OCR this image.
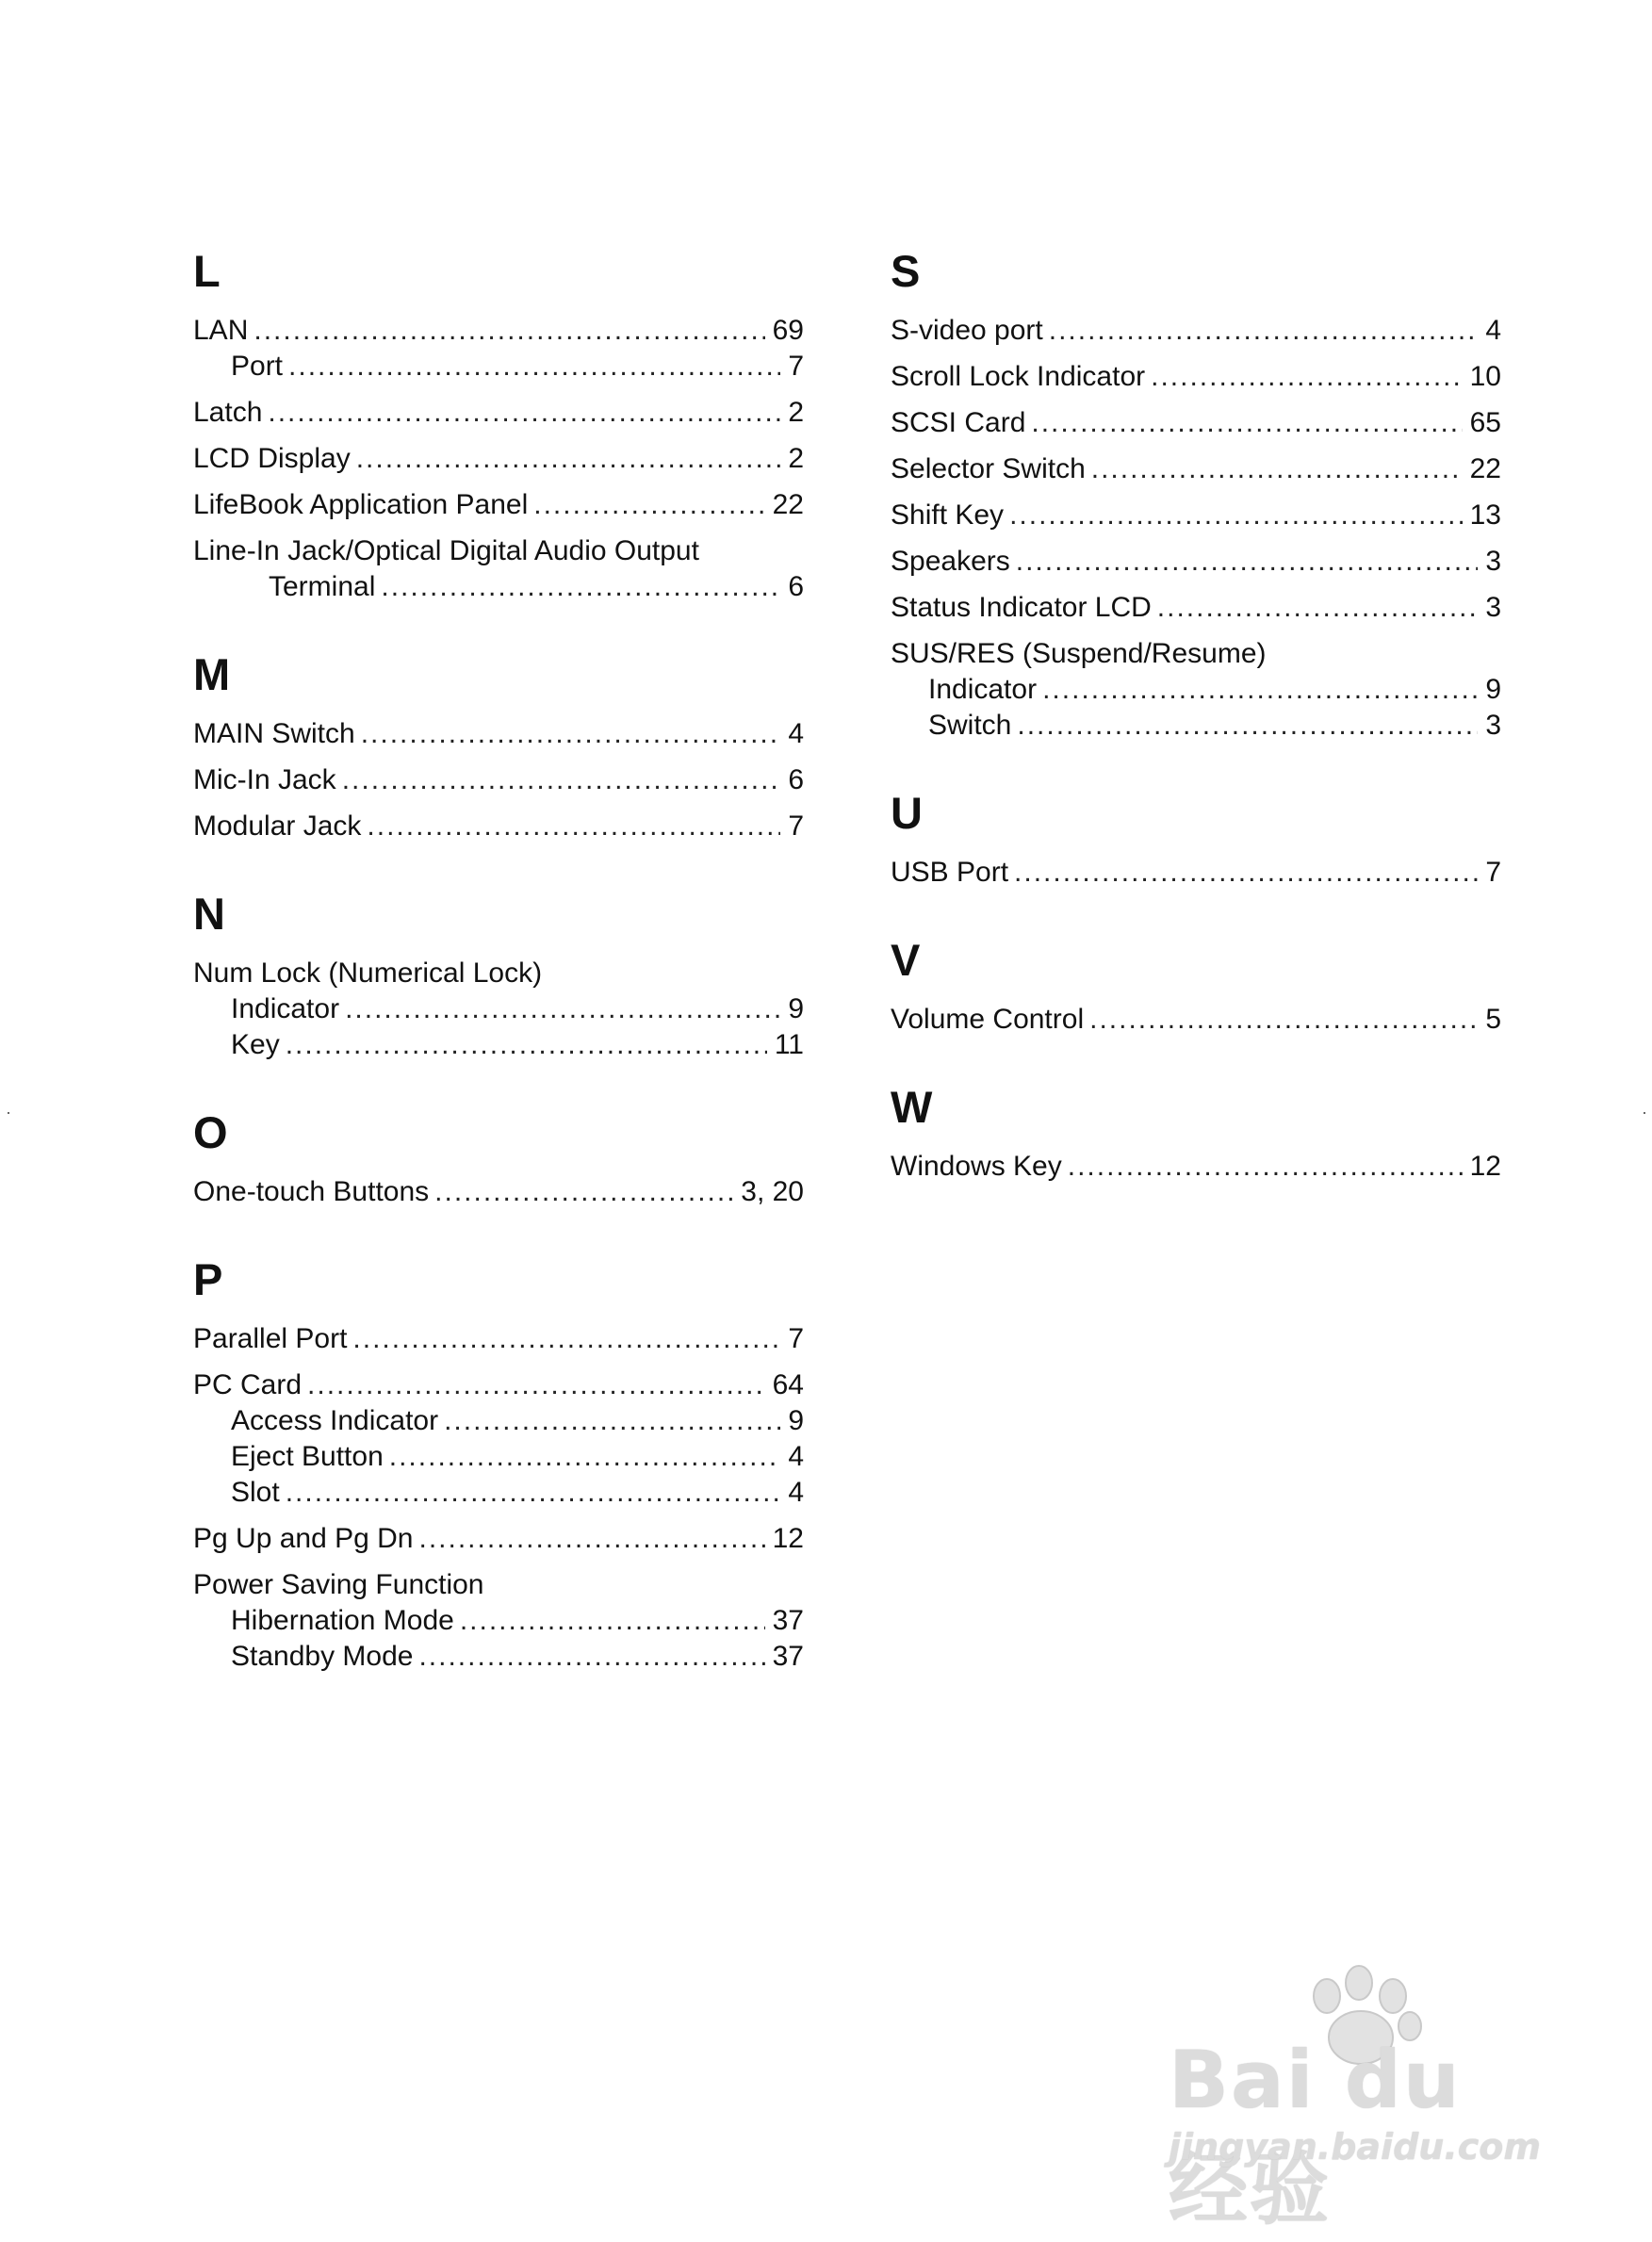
L
LAN .....	69
Port .....	7
Latch .....	2
LCD Display .....	2
LifeBook Application Panel .....	22
Line-In Jack/Optical Digital Audio Output
Terminal .....	6
M
MAIN Switch .....	4
Mic-In Jack .....	6
Modular Jack .....	7
N
Num Lock (Numerical Lock)
Indicator .....	9
Key .....	11
O
One-touch Buttons .....	3, 20
P
Parallel Port .....	7
PC Card .....	64
Access Indicator .....	9
Eject Button .....	4
Slot .....	4
Pg Up and Pg Dn .....	12
Power Saving Function
Hibernation Mode .....	37
Standby Mode .....	37
S
S-video port .....	4
Scroll Lock Indicator .....	10
SCSI Card .....	65
Selector Switch .....	22
Shift Key .....	13
Speakers .....	3
Status Indicator LCD .....	3
SUS/RES (Suspend/Resume)
Indicator .....	9
Switch .....	3
U
USB Port .....	7
V
Volume Control .....	5
W
Windows Key .....	12
Bai du 经验
jingyan.baidu.com
